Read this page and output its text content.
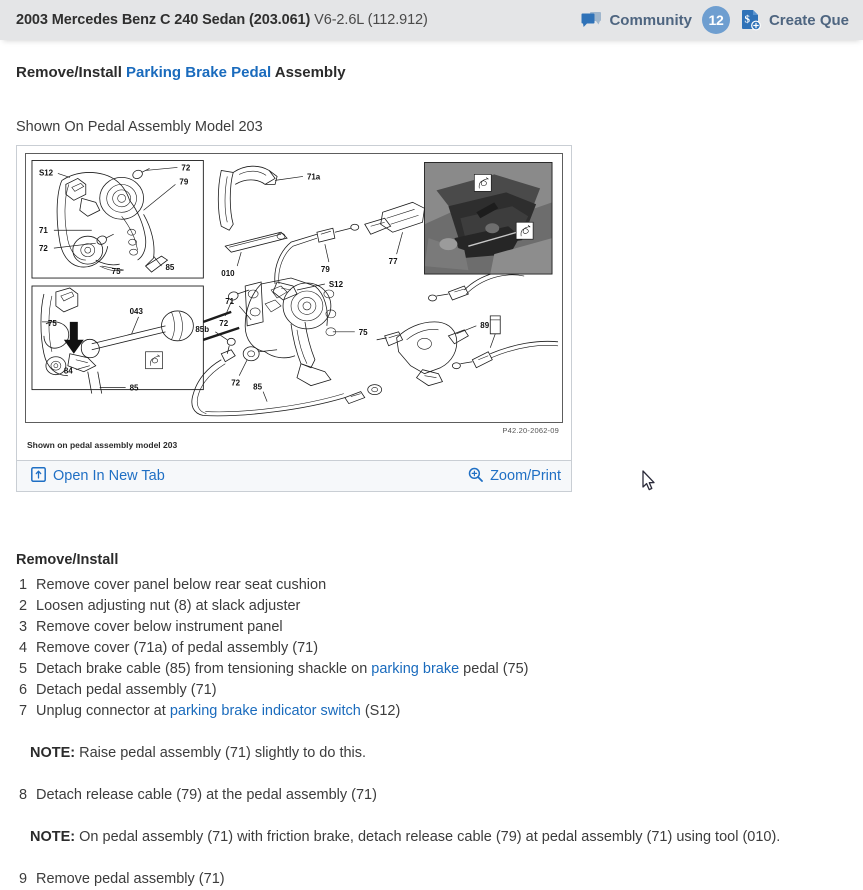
2003 Mercedes Benz C 240 Sedan (203.061) V6-2.6L (112.912)	Community	12	$ Create Que
Remove/Install Parking Brake Pedal Assembly
Shown On Pedal Assembly Model 203
S12
72
79
71
72
75	85
75
043
84
85
71a
010	79
S12
77
72
71
75
85b
72 85
89
P42.20-2062-09
Shown on pedal assembly model 203
Open In New Tab	Zoom/Print
Remove/Install
1 Remove cover panel below rear seat cushion
2 Loosen adjusting nut (8) at slack adjuster
3 Remove cover below instrument panel
4 Remove cover (71a) of pedal assembly (71)
5 Detach brake cable (85) from tensioning shackle on parking brake pedal (75)
6 Detach pedal assembly (71)
7 Unplug connector at parking brake indicator switch (S12)
NOTE: Raise pedal assembly (71) slightly to do this.
8 Detach release cable (79) at the pedal assembly (71)
NOTE: On pedal assembly (71) with friction brake, detach release cable (79) at pedal assembly (71) using tool (010).
9 Remove pedal assembly (71)
